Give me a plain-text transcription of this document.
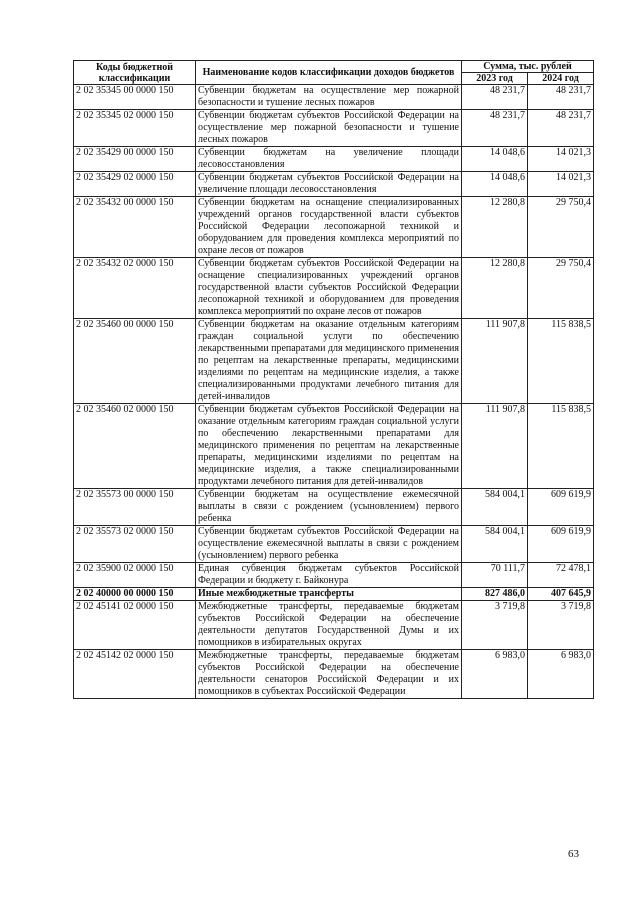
Коды бюджетной классификации	Наименование кодов классификации доходов бюджетов	Сумма, тыс. рублей	
		2023 год	2024 год
2 02 35345 00 0000 150	Субвенции бюджетам на осуществление мер пожарной безопасности и тушение лесных пожаров	48 231,7	48 231,7
2 02 35345 02 0000 150	Субвенции бюджетам субъектов Российской Федерации на осуществление мер пожарной безопасности и тушение лесных пожаров	48 231,7	48 231,7
2 02 35429 00 0000 150	Субвенции бюджетам на увеличение площади лесовосстановления	14 048,6	14 021,3
2 02 35429 02 0000 150	Субвенции бюджетам субъектов Российской Федерации на увеличение площади лесовосстановления	14 048,6	14 021,3
2 02 35432 00 0000 150	Субвенции бюджетам на оснащение специализированных учреждений органов государственной власти субъектов Российской Федерации лесопожарной техникой и оборудованием для проведения комплекса мероприятий по охране лесов от пожаров	12 280,8	29 750,4
2 02 35432 02 0000 150	Субвенции бюджетам субъектов Российской Федерации на оснащение специализированных учреждений органов государственной власти субъектов Российской Федерации лесопожарной техникой и оборудованием для проведения комплекса мероприятий по охране лесов от пожаров	12 280,8	29 750,4
2 02 35460 00 0000 150	Субвенции бюджетам на оказание отдельным категориям граждан социальной услуги по обеспечению лекарственными препаратами для медицинского применения по рецептам на лекарственные препараты, медицинскими изделиями по рецептам на медицинские изделия, а также специализированными продуктами лечебного питания для детей-инвалидов	111 907,8	115 838,5
2 02 35460 02 0000 150	Субвенции бюджетам субъектов Российской Федерации на оказание отдельным категориям граждан социальной услуги по обеспечению лекарственными препаратами для медицинского применения по рецептам на лекарственные препараты, медицинскими изделиями по рецептам на медицинские изделия, а также специализированными продуктами лечебного питания для детей-инвалидов	111 907,8	115 838,5
2 02 35573 00 0000 150	Субвенции бюджетам на осуществление ежемесячной выплаты в связи с рождением (усыновлением) первого ребенка	584 004,1	609 619,9
2 02 35573 02 0000 150	Субвенции бюджетам субъектов Российской Федерации на осуществление ежемесячной выплаты в связи с рождением (усыновлением) первого ребенка	584 004,1	609 619,9
2 02 35900 02 0000 150	Единая субвенция бюджетам субъектов Российской Федерации и бюджету г. Байконура	70 111,7	72 478,1
2 02 40000 00 0000 150	Иные межбюджетные трансферты	827 486,0	407 645,9
2 02 45141 02 0000 150	Межбюджетные трансферты, передаваемые бюджетам субъектов Российской Федерации на обеспечение деятельности депутатов Государственной Думы и их помощников в избирательных округах	3 719,8	3 719,8
2 02 45142 02 0000 150	Межбюджетные трансферты, передаваемые бюджетам субъектов Российской Федерации на обеспечение деятельности сенаторов Российской Федерации и их помощников в субъектах Российской Федерации	6 983,0	6 983,0
63
